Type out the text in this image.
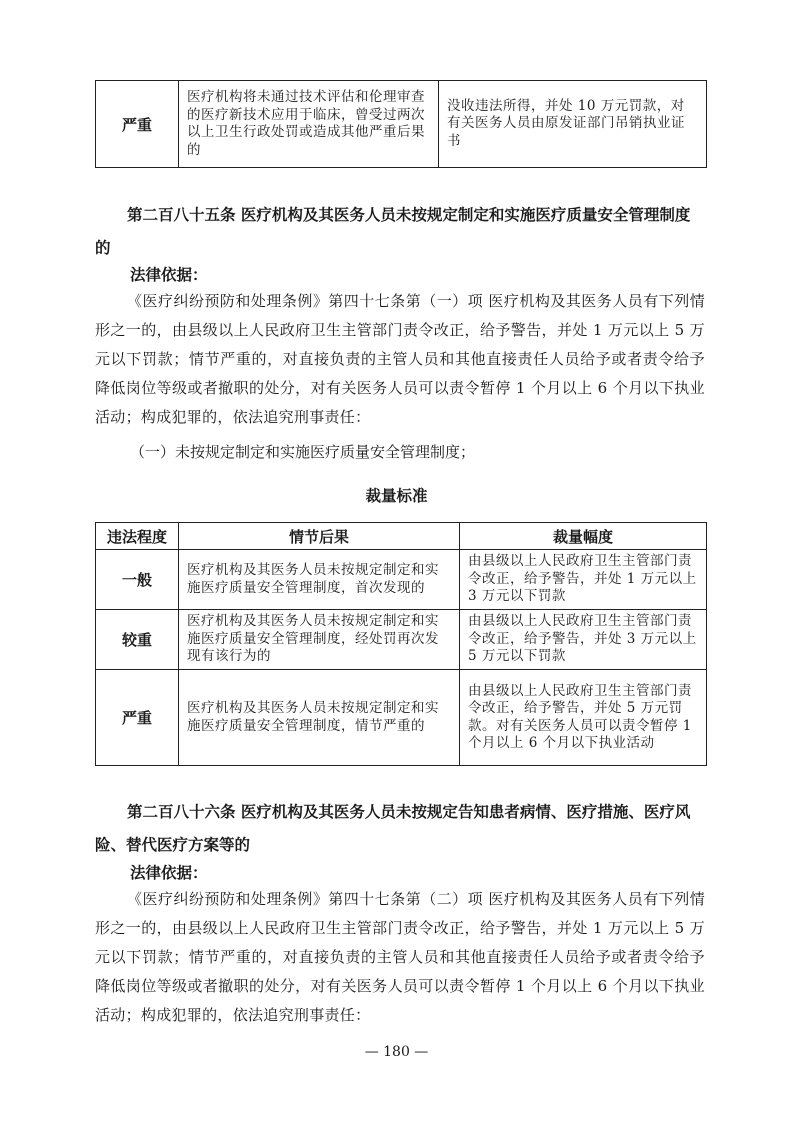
严重	医疗机构将未通过技术评估和伦理审查的医疗新技术应用于临床，曾受过两次以上卫生行政处罚或造成其他严重后果的	没收违法所得，并处 10 万元罚款，对有关医务人员由原发证部门吊销执业证书
第二百八十五条 医疗机构及其医务人员未按规定制定和实施医疗质量安全管理制度的
法律依据：
《医疗纠纷预防和处理条例》第四十七条第（一）项 医疗机构及其医务人员有下列情形之一的，由县级以上人民政府卫生主管部门责令改正，给予警告，并处 1 万元以上 5 万元以下罚款；情节严重的，对直接负责的主管人员和其他直接责任人员给予或者责令给予降低岗位等级或者撤职的处分，对有关医务人员可以责令暂停 1 个月以上 6 个月以下执业活动；构成犯罪的，依法追究刑事责任：
（一）未按规定制定和实施医疗质量安全管理制度；
裁量标准
违法程度	情节后果	裁量幅度
一般	医疗机构及其医务人员未按规定制定和实施医疗质量安全管理制度，首次发现的	由县级以上人民政府卫生主管部门责令改正，给予警告，并处 1 万元以上 3 万元以下罚款
较重	医疗机构及其医务人员未按规定制定和实施医疗质量安全管理制度，经处罚再次发现有该行为的	由县级以上人民政府卫生主管部门责令改正，给予警告，并处 3 万元以上 5 万元以下罚款
严重	医疗机构及其医务人员未按规定制定和实施医疗质量安全管理制度，情节严重的	由县级以上人民政府卫生主管部门责令改正，给予警告，并处 5 万元罚款。对有关医务人员可以责令暂停 1 个月以上 6 个月以下执业活动
第二百八十六条 医疗机构及其医务人员未按规定告知患者病情、医疗措施、医疗风险、替代医疗方案等的
法律依据：
《医疗纠纷预防和处理条例》第四十七条第（二）项 医疗机构及其医务人员有下列情形之一的，由县级以上人民政府卫生主管部门责令改正，给予警告，并处 1 万元以上 5 万元以下罚款；情节严重的，对直接负责的主管人员和其他直接责任人员给予或者责令给予降低岗位等级或者撤职的处分，对有关医务人员可以责令暂停 1 个月以上 6 个月以下执业活动；构成犯罪的，依法追究刑事责任：
— 180 —
